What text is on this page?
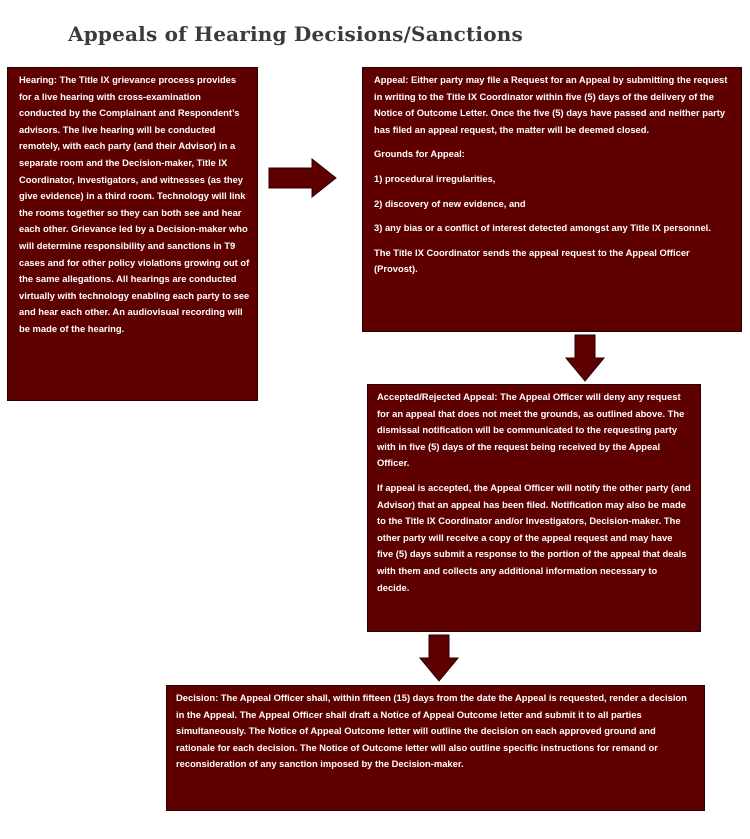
Appeals of Hearing Decisions/Sanctions

Hearing: The Title IX grievance process provides for a live hearing with cross-examination conducted by the Complainant and Respondent’s advisors. The live hearing will be conducted remotely, with each party (and their Advisor) in a separate room and the Decision-maker, Title IX Coordinator, Investigators, and witnesses (as they give evidence) in a third room. Technology will link the rooms together so they can both see and hear each other. Grievance led by a Decision-maker who will determine responsibility and sanctions in T9 cases and for other policy violations growing out of the same allegations. All hearings are conducted virtually with technology enabling each party to see and hear each other. An audiovisual recording will be made of the hearing.

Appeal: Either party may file a Request for an Appeal by submitting the request in writing to the Title IX Coordinator within five (5) days of the delivery of the Notice of Outcome Letter. Once the five (5) days have passed and neither party has filed an appeal request, the matter will be deemed closed.

Grounds for Appeal:

1) procedural irregularities,

2) discovery of new evidence, and

3) any bias or a conflict of interest detected amongst any Title IX personnel.

The Title IX Coordinator sends the appeal request to the Appeal Officer (Provost).

Accepted/Rejected Appeal: The Appeal Officer will deny any request for an appeal that does not meet the grounds, as outlined above. The dismissal notification will be communicated to the requesting party with in five (5) days of the request being received by the Appeal Officer.

If appeal is accepted, the Appeal Officer will notify the other party (and Advisor) that an appeal has been filed. Notification may also be made to the Title IX Coordinator and/or Investigators, Decision-maker. The other party will receive a copy of the appeal request and may have five (5) days submit a response to the portion of the appeal that deals with them and collects any additional information necessary to decide.

Decision: The Appeal Officer shall, within fifteen (15) days from the date the Appeal is requested, render a decision in the Appeal. The Appeal Officer shall draft a Notice of Appeal Outcome letter and submit it to all parties simultaneously. The Notice of Appeal Outcome letter will outline the decision on each approved ground and rationale for each decision. The Notice of Outcome letter will also outline specific instructions for remand or reconsideration of any sanction imposed by the Decision-maker.
